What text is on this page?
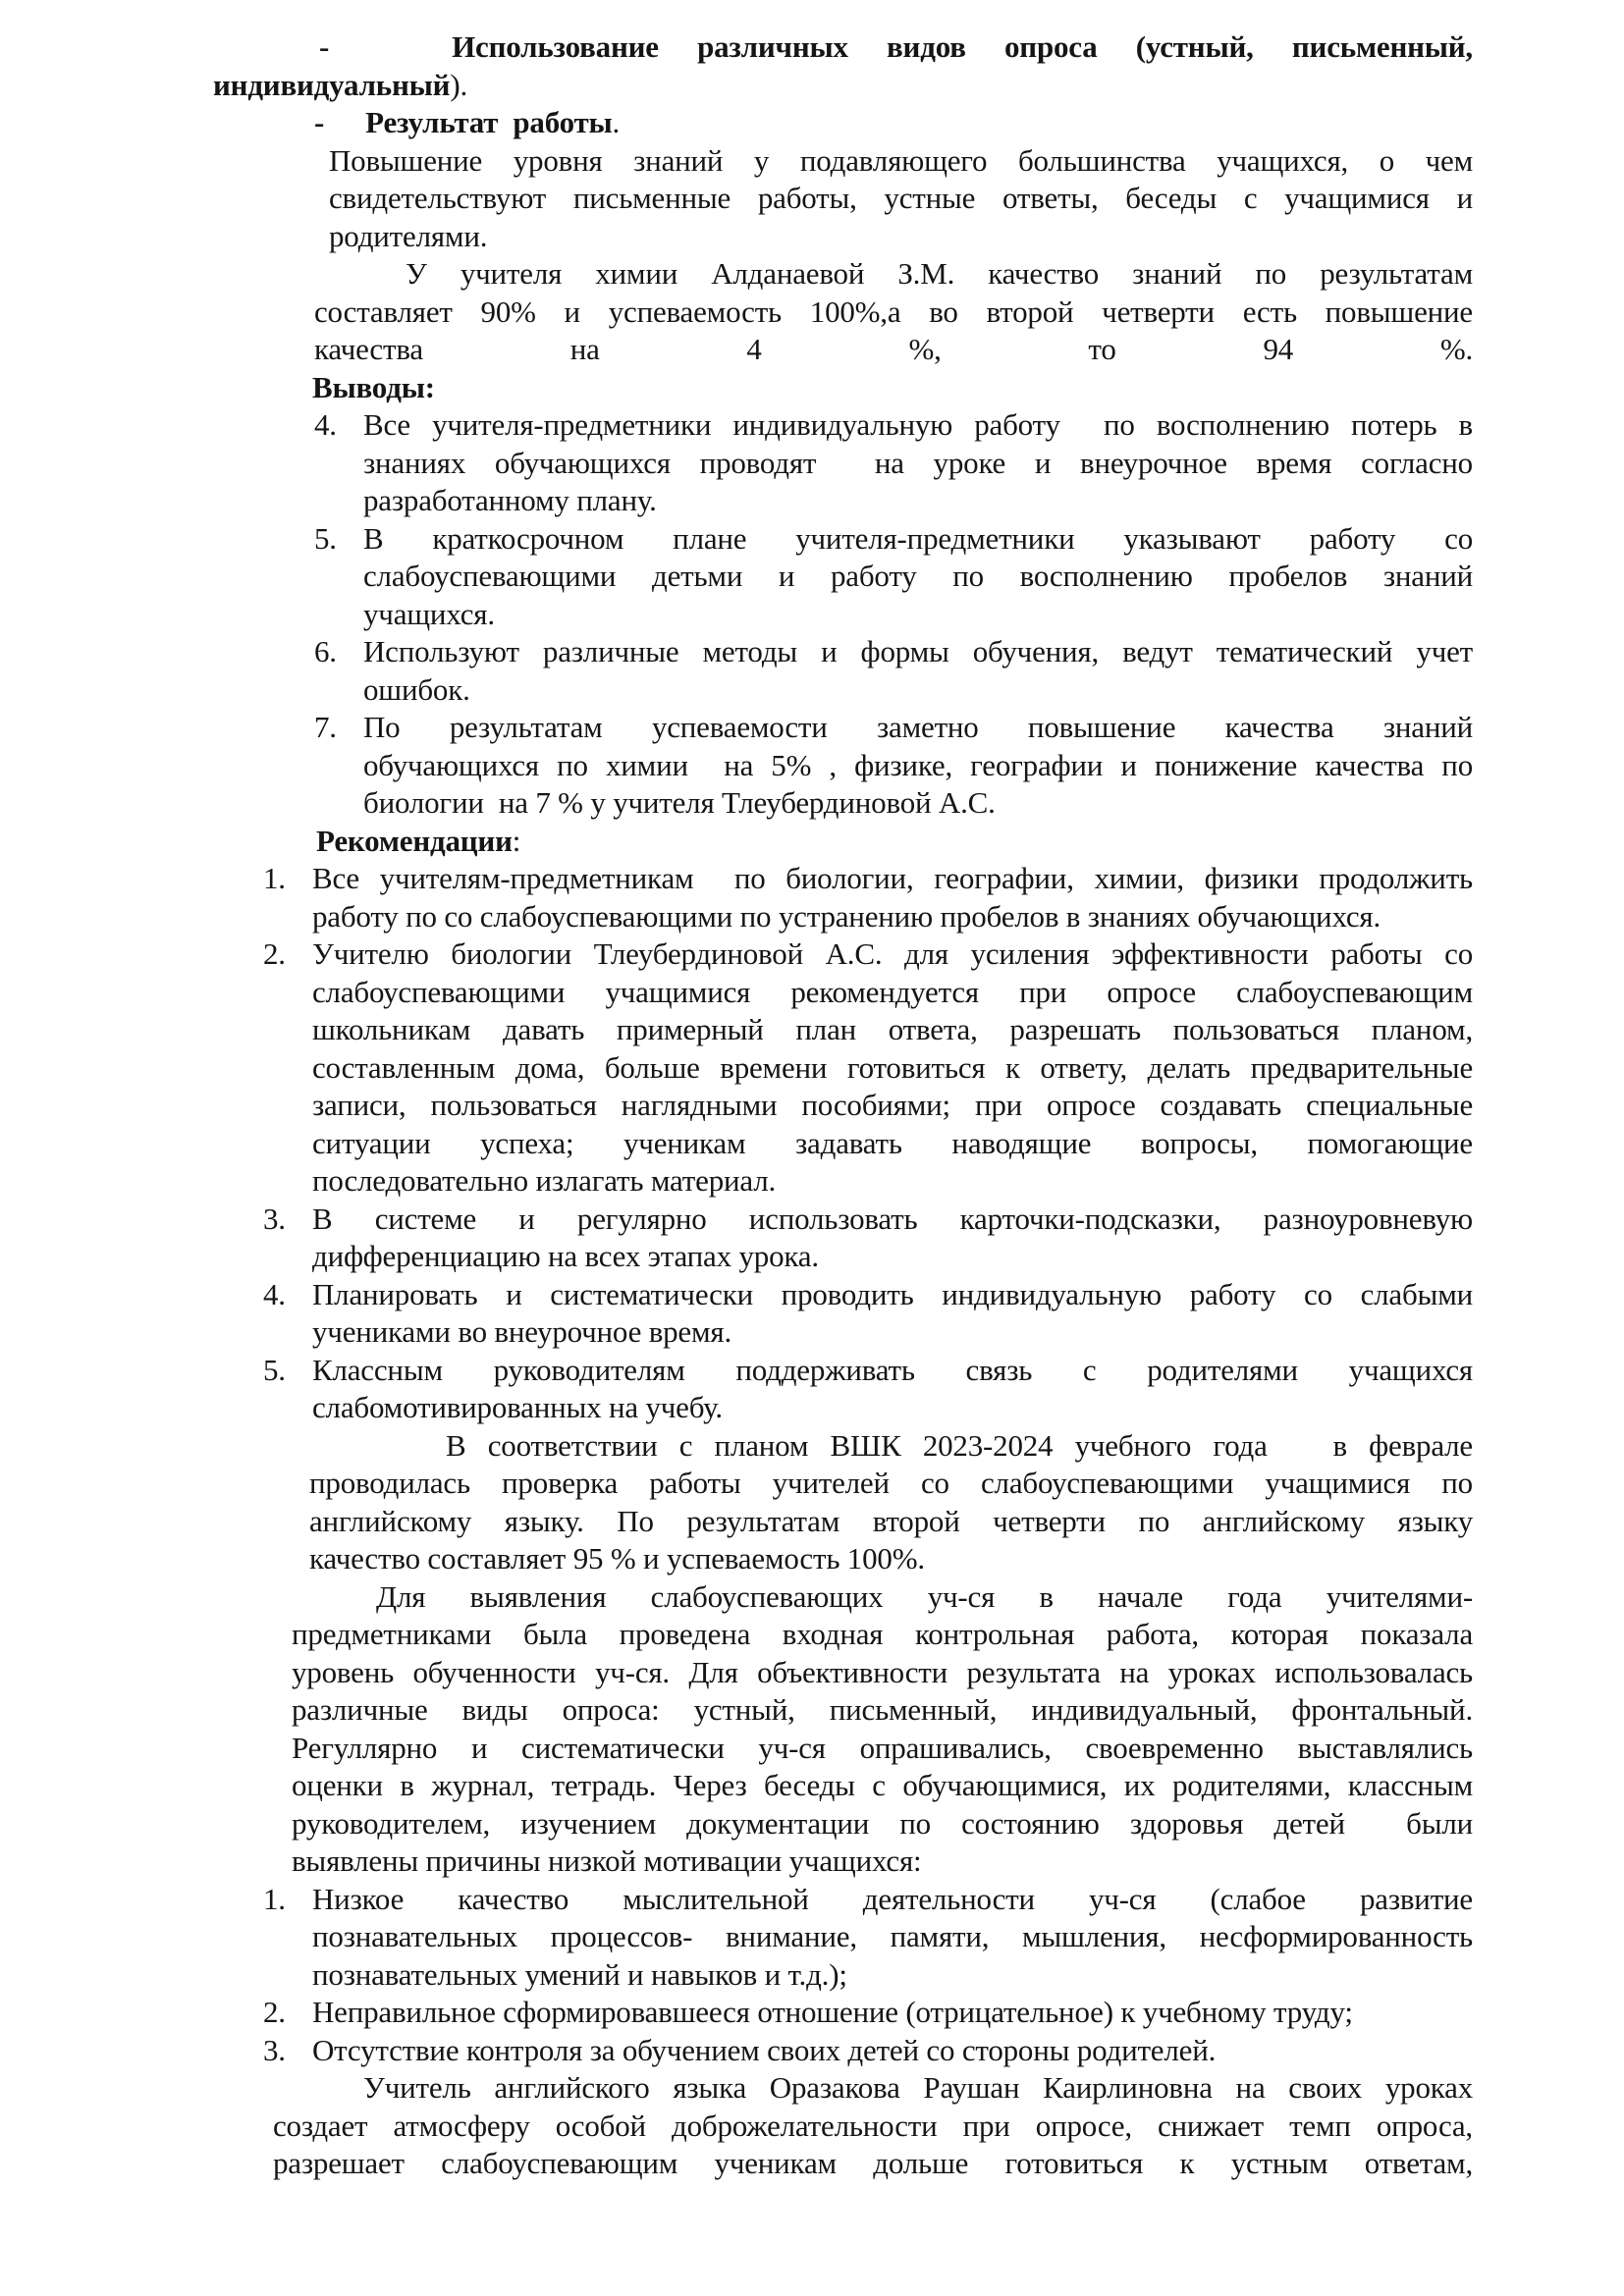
-	Использование различных видов опроса (устный, письменный,
индивидуальный).
- Результат  работы.
Повышение уровня знаний у подавляющего большинства учащихся, о чем
свидетельствуют письменные работы, устные ответы, беседы с учащимися и
родителями.
У учителя химии Алданаевой З.М. качество знаний по результатам
составляет 90% и успеваемость 100%,а во второй четверти есть повышение
качества на 4 %, то 94 %.
Выводы:
4. Все учителя-предметники индивидуальную работу  по восполнению потерь в
знаниях обучающихся проводят  на уроке и внеурочное время согласно
разработанному плану.
5. В краткосрочном плане учителя-предметники указывают работу со
слабоуспевающими детьми и работу по восполнению пробелов знаний
учащихся.
6. Используют различные методы и формы обучения, ведут тематический учет
ошибок.
7. По результатам успеваемости заметно повышение качества знаний
обучающихся по химии  на 5% , физике, географии и понижение качества по
биологии  на 7 % у учителя Тлеубердиновой А.С.
Рекомендации:
1. Все учителям-предметникам  по биологии, географии, химии, физики продолжить
работу по со слабоуспевающими по устранению пробелов в знаниях обучающихся.
2. Учителю биологии Тлеубердиновой А.С. для усиления эффективности работы со
слабоуспевающими учащимися рекомендуется при опросе слабоуспевающим
школьникам давать примерный план ответа, разрешать пользоваться планом,
составленным дома, больше времени готовиться к ответу, делать предварительные
записи, пользоваться наглядными пособиями; при опросе создавать специальные
ситуации успеха; ученикам задавать наводящие вопросы, помогающие
последовательно излагать материал.
3. В системе и регулярно использовать карточки-подсказки, разноуровневую
дифференциацию на всех этапах урока.
4. Планировать и систематически проводить индивидуальную работу со слабыми
учениками во внеурочное время.
5. Классным руководителям поддерживать связь с родителями учащихся
слабомотивированных на учебу.
В соответствии с планом ВШК 2023-2024 учебного года   в феврале
проводилась проверка работы учителей со слабоуспевающими учащимися по
английскому языку. По результатам второй четверти по английскому языку
качество составляет 95 % и успеваемость 100%.
Для выявления слабоуспевающих уч-ся в начале года учителями-
предметниками была проведена входная контрольная работа, которая показала
уровень обученности уч-ся. Для объективности результата на уроках использовалась
различные виды опроса: устный, письменный, индивидуальный, фронтальный.
Регуллярно и систематически уч-ся опрашивались, своевременно выставлялись
оценки в журнал, тетрадь. Через беседы с обучающимися, их родителями, классным
руководителем, изучением документации по состоянию здоровья детей  были
выявлены причины низкой мотивации учащихся:
1. Низкое качество мыслительной деятельности уч-ся (слабое развитие
познавательных процессов- внимание, памяти, мышления, несформированность
познавательных умений и навыков и т.д.);
2. Неправильное сформировавшееся отношение (отрицательное) к учебному труду;
3. Отсутствие контроля за обучением своих детей со стороны родителей.
Учитель английского языка Оразакова Раушан Каирлиновна на своих уроках
создает атмосферу особой доброжелательности при опросе, снижает темп опроса,
разрешает слабоуспевающим ученикам дольше готовиться к устным ответам,
